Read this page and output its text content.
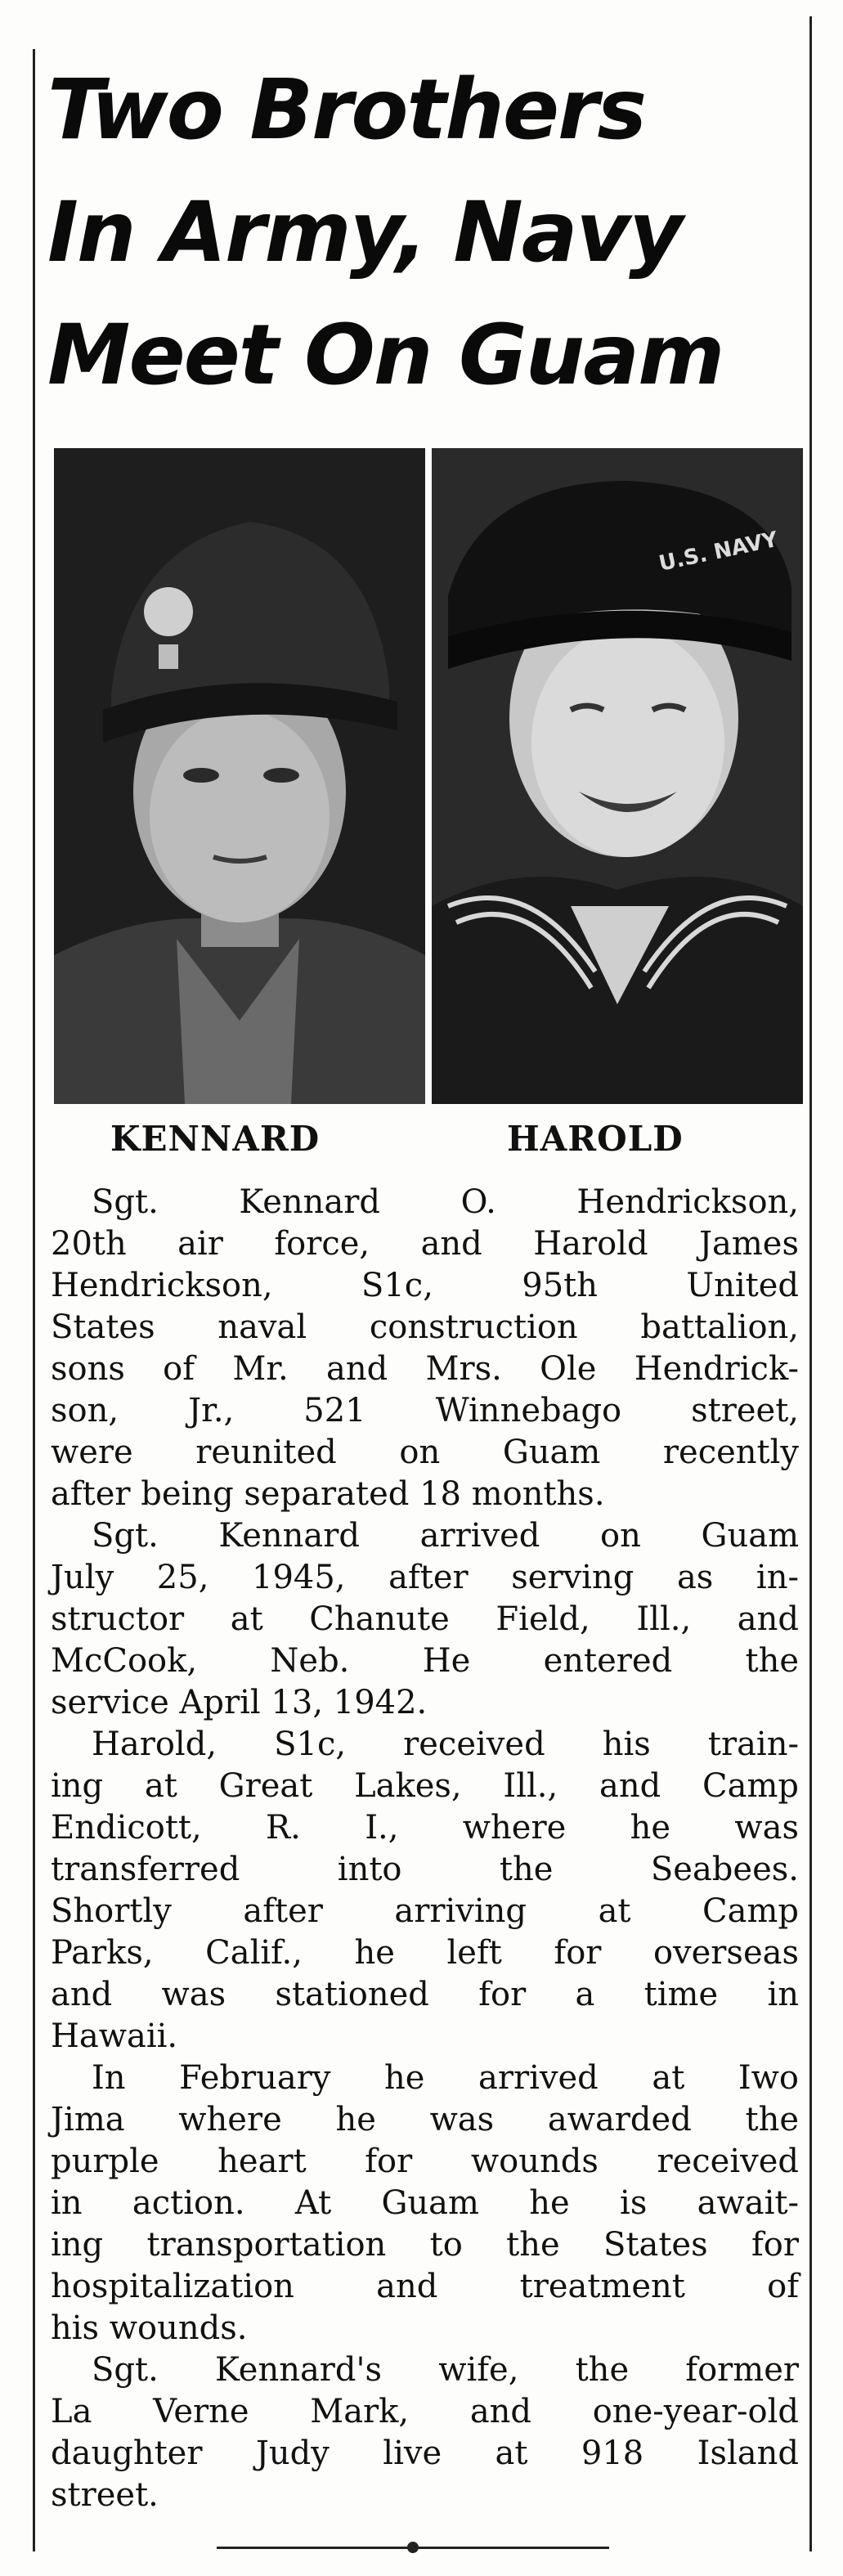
Two Brothers
In Army, Navy
Meet On Guam
U.S. NAVY
KENNARD	HAROLD

Sgt. Kennard O. Hendrickson,
20th air force, and Harold James
Hendrickson, S1c, 95th United
States naval construction battalion,
sons of Mr. and Mrs. Ole Hendrick-
son, Jr., 521 Winnebago street,
were reunited on Guam recently
after being separated 18 months.

Sgt. Kennard arrived on Guam
July 25, 1945, after serving as in-
structor at Chanute Field, Ill., and
McCook, Neb. He entered the
service April 13, 1942.

Harold, S1c, received his train-
ing at Great Lakes, Ill., and Camp
Endicott, R. I., where he was
transferred into the Seabees.
Shortly after arriving at Camp
Parks, Calif., he left for overseas
and was stationed for a time in
Hawaii.

In February he arrived at Iwo
Jima where he was awarded the
purple heart for wounds received
in action. At Guam he is await-
ing transportation to the States for
hospitalization and treatment of
his wounds.

Sgt. Kennard's wife, the former
La Verne Mark, and one-year-old
daughter Judy live at 918 Island
street.
